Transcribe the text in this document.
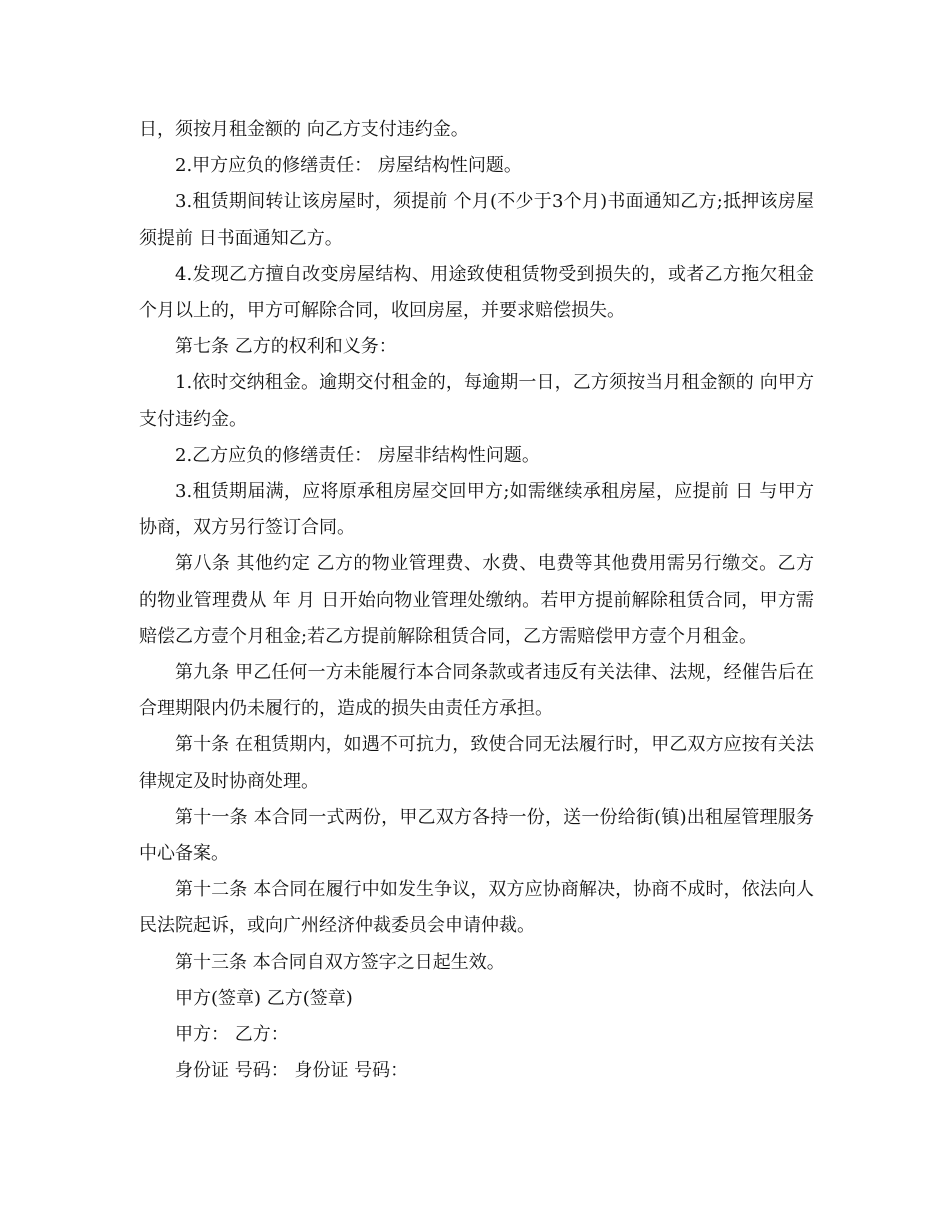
日，须按月租金额的 向乙方支付违约金。

2.甲方应负的修缮责任： 房屋结构性问题。

3.租赁期间转让该房屋时，须提前 个月(不少于3个月)书面通知乙方;抵押该房屋须提前 日书面通知乙方。

4.发现乙方擅自改变房屋结构、用途致使租赁物受到损失的，或者乙方拖欠租金 个月以上的，甲方可解除合同，收回房屋，并要求赔偿损失。

第七条 乙方的权利和义务：

1.依时交纳租金。逾期交付租金的，每逾期一日，乙方须按当月租金额的 向甲方支付违约金。

2.乙方应负的修缮责任： 房屋非结构性问题。

3.租赁期届满，应将原承租房屋交回甲方;如需继续承租房屋，应提前 日 与甲方协商，双方另行签订合同。

第八条 其他约定 乙方的物业管理费、水费、电费等其他费用需另行缴交。乙方的物业管理费从 年 月 日开始向物业管理处缴纳。若甲方提前解除租赁合同，甲方需赔偿乙方壹个月租金;若乙方提前解除租赁合同，乙方需赔偿甲方壹个月租金。

第九条 甲乙任何一方未能履行本合同条款或者违反有关法律、法规，经催告后在合理期限内仍未履行的，造成的损失由责任方承担。

第十条 在租赁期内，如遇不可抗力，致使合同无法履行时，甲乙双方应按有关法律规定及时协商处理。

第十一条 本合同一式两份，甲乙双方各持一份，送一份给街(镇)出租屋管理服务中心备案。

第十二条 本合同在履行中如发生争议，双方应协商解决，协商不成时，依法向人民法院起诉，或向广州经济仲裁委员会申请仲裁。

第十三条 本合同自双方签字之日起生效。

甲方(签章) 乙方(签章)

甲方： 乙方：

身份证 号码： 身份证 号码：
